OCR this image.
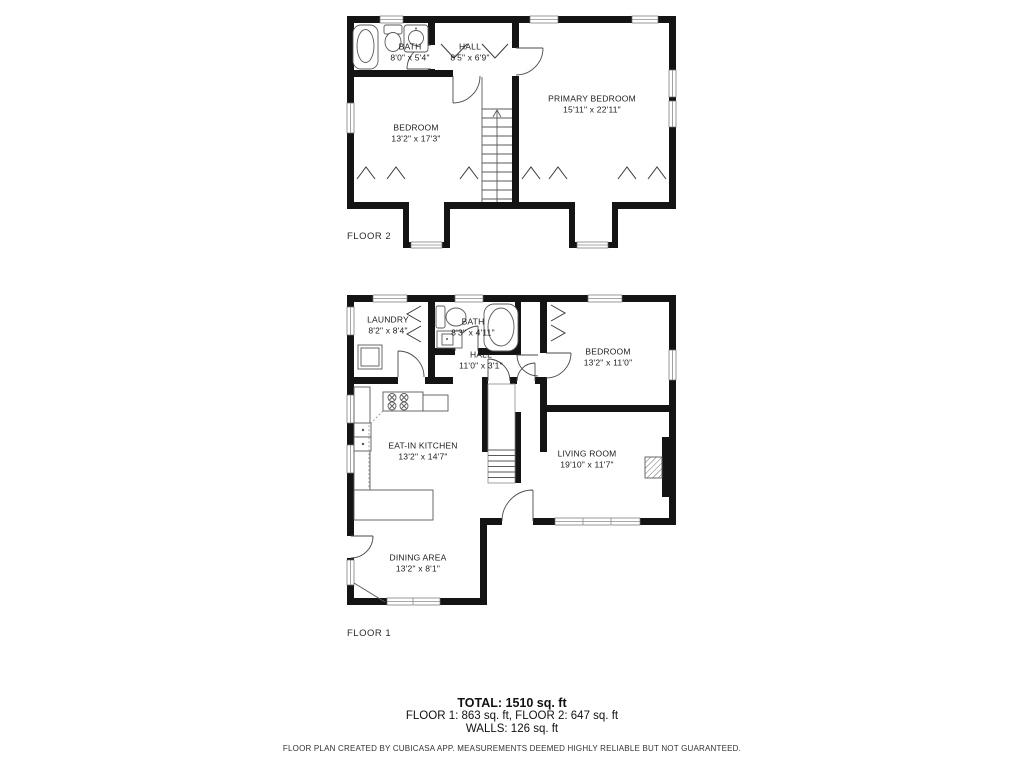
BATH
8'0" x 5'4"
HALL
8'5" x 6'9"
PRIMARY BEDROOM
15'11" x 22'11"
BEDROOM
13'2" x 17'3"
FLOOR 2
LAUNDRY
8'2" x 8'4"
BATH
8'3" x 4'11"
HALL
11'0" x 3'1"
BEDROOM
13'2" x 11'0"
EAT-IN KITCHEN
13'2" x 14'7"	LIVING ROOM
19'10" x 11'7"
DINING AREA
13'2" x 8'1"
FLOOR 1
TOTAL: 1510 sq. ft
FLOOR 1: 863 sq. ft, FLOOR 2: 647 sq. ft
WALLS: 126 sq. ft
FLOOR PLAN CREATED BY CUBICASA APP. MEASUREMENTS DEEMED HIGHLY RELIABLE BUT NOT GUARANTEED.
